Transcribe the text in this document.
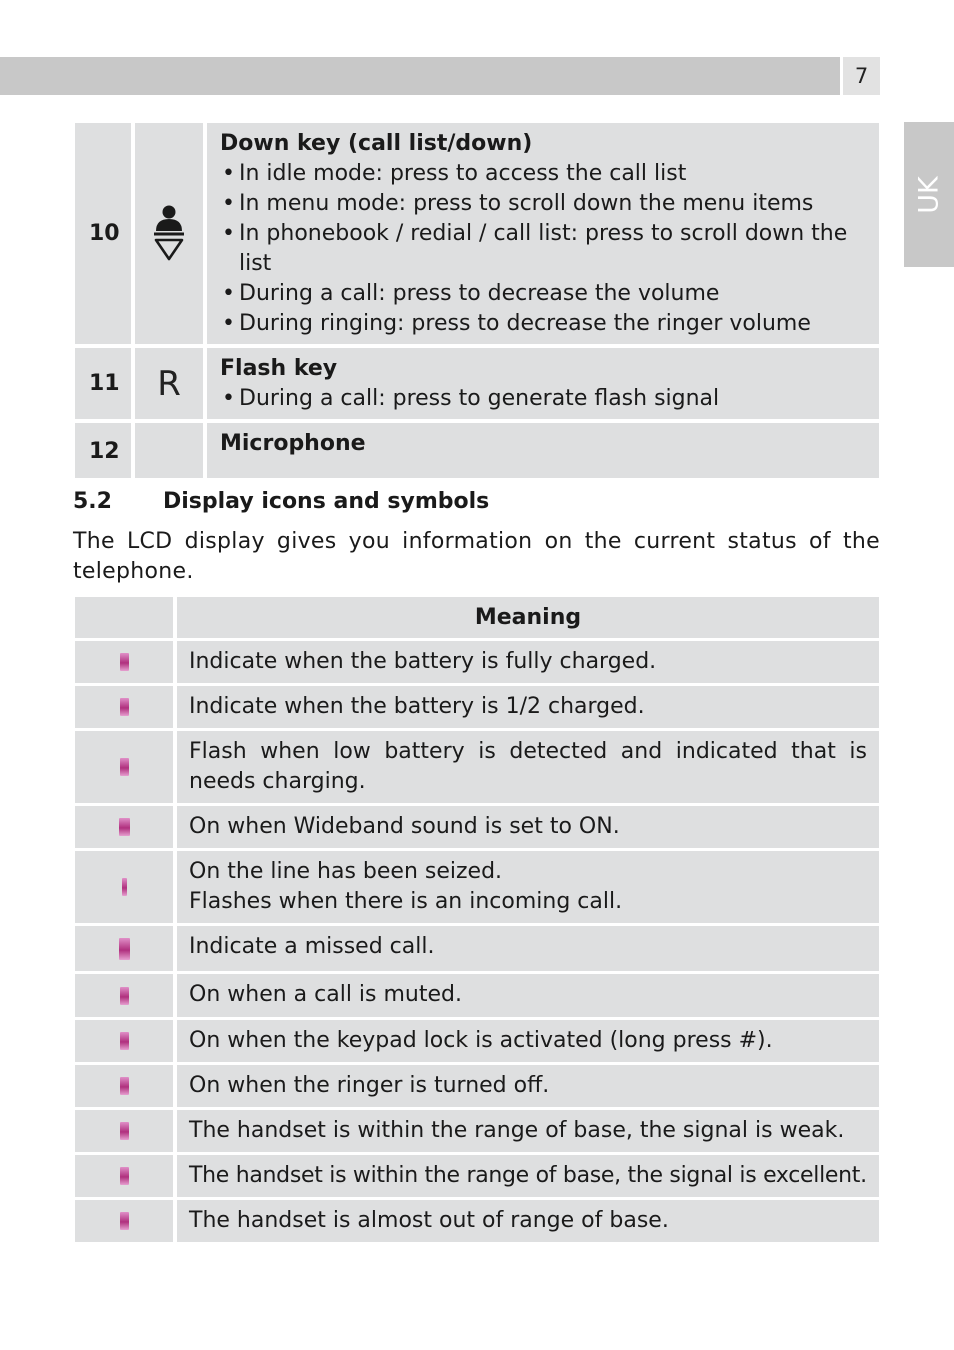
7
UK
10
Down key (call list/down)
• In idle mode: press to access the call list
• In menu mode: press to scroll down the menu items
• In phonebook / redial / call list: press to scroll down the list
• During a call: press to decrease the volume
• During ringing: press to decrease the ringer volume
11	R Flash key
• During a call: press to generate flash signal
12	Microphone
5.2 Display icons and symbols
The LCD display gives you information on the current status of the telephone.
Meaning
Indicate when the battery is fully charged.
Indicate when the battery is 1/2 charged.
Flash when low battery is detected and indicated that is needs charging.
On when Wideband sound is set to ON.
On the line has been seized.
Flashes when there is an incoming call.
Indicate a missed call.
On when a call is muted.
On when the keypad lock is activated (long press #).
On when the ringer is turned off.
The handset is within the range of base, the signal is weak.
The handset is within the range of base, the signal is excellent.
The handset is almost out of range of base.
